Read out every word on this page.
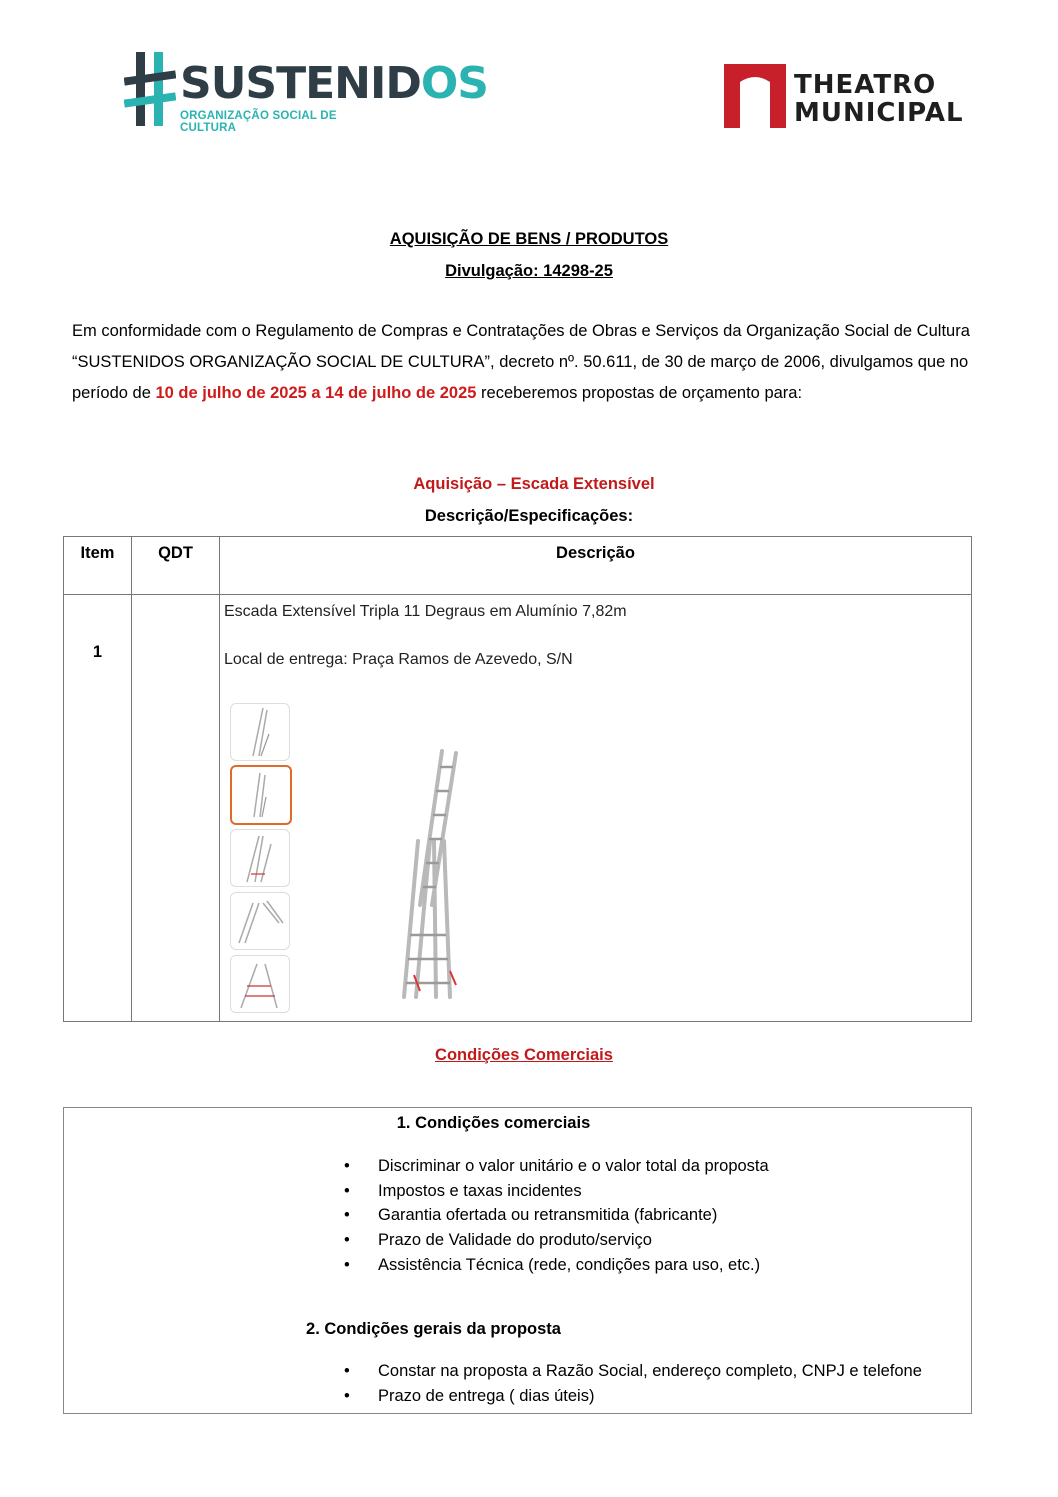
SUSTENIDOS
ORGANIZAÇÃO SOCIAL DE CULTURA
THEATRO
MUNICIPAL
AQUISIÇÃO DE BENS / PRODUTOS
Divulgação: 14298-25
Em conformidade com o Regulamento de Compras e Contratações de Obras e Serviços da Organização Social de Cultura “SUSTENIDOS ORGANIZAÇÃO SOCIAL DE CULTURA”, decreto nº. 50.611, de 30 de março de 2006, divulgamos que no período de 10 de julho de 2025 a 14 de julho de 2025 receberemos propostas de orçamento para:
Aquisição – Escada Extensível
Descrição/Especificações:
Item	QDT	Descrição
1		Escada Extensível Tripla 11 Degraus em Alumínio 7,82m
Local de entrega: Praça Ramos de Azevedo, S/N
Condições Comerciais
1. Condições comerciais
• Discriminar o valor unitário e o valor total da proposta
• Impostos e taxas incidentes
• Garantia ofertada ou retransmitida (fabricante)
• Prazo de Validade do produto/serviço
• Assistência Técnica (rede, condições para uso, etc.)
2. Condições gerais da proposta
• Constar na proposta a Razão Social, endereço completo, CNPJ e telefone
• Prazo de entrega ( dias úteis)
